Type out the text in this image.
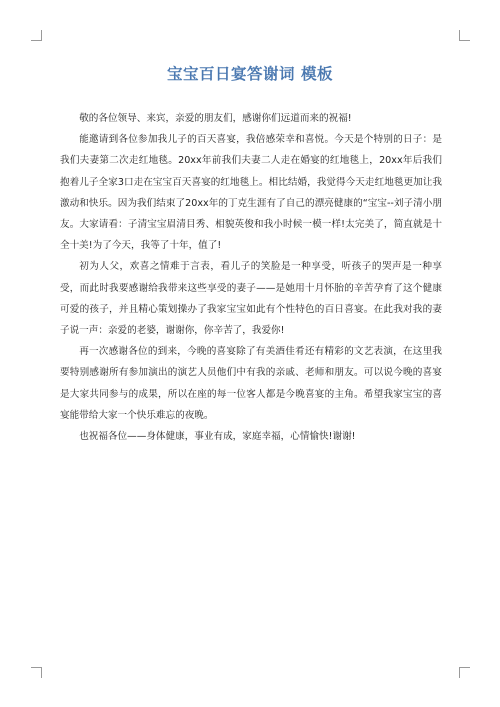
宝宝百日宴答谢词 模板

敬的各位领导、来宾，亲爱的朋友们，感谢你们远道而来的祝福!

能邀请到各位参加我儿子的百天喜宴，我倍感荣幸和喜悦。今天是个特别的日子：是我们夫妻第二次走红地毯。20xx年前我们夫妻二人走在婚宴的红地毯上，20xx年后我们抱着儿子全家3口走在宝宝百天喜宴的红地毯上。相比结婚，我觉得今天走红地毯更加让我激动和快乐。因为我们结束了20xx年的丁克生涯有了自己的漂亮健康的“宝宝--刘子清小朋友。大家请看：子清宝宝眉清目秀、相貌英俊和我小时候一模一样!太完美了，简直就是十全十美!为了今天，我等了十年，值了!

初为人父，欢喜之情难于言表，看儿子的笑脸是一种享受，听孩子的哭声是一种享受，而此时我要感谢给我带来这些享受的妻子——是她用十月怀胎的辛苦孕育了这个健康可爱的孩子，并且精心策划操办了我家宝宝如此有个性特色的百日喜宴。在此我对我的妻子说一声：亲爱的老婆，谢谢你，你辛苦了，我爱你!

再一次感谢各位的到来，今晚的喜宴除了有美酒佳肴还有精彩的文艺表演，在这里我要特别感谢所有参加演出的演艺人员他们中有我的亲戚、老师和朋友。可以说今晚的喜宴是大家共同参与的成果，所以在座的每一位客人都是今晚喜宴的主角。希望我家宝宝的喜宴能带给大家一个快乐难忘的夜晚。

也祝福各位——身体健康，事业有成，家庭幸福，心情愉快!谢谢!
